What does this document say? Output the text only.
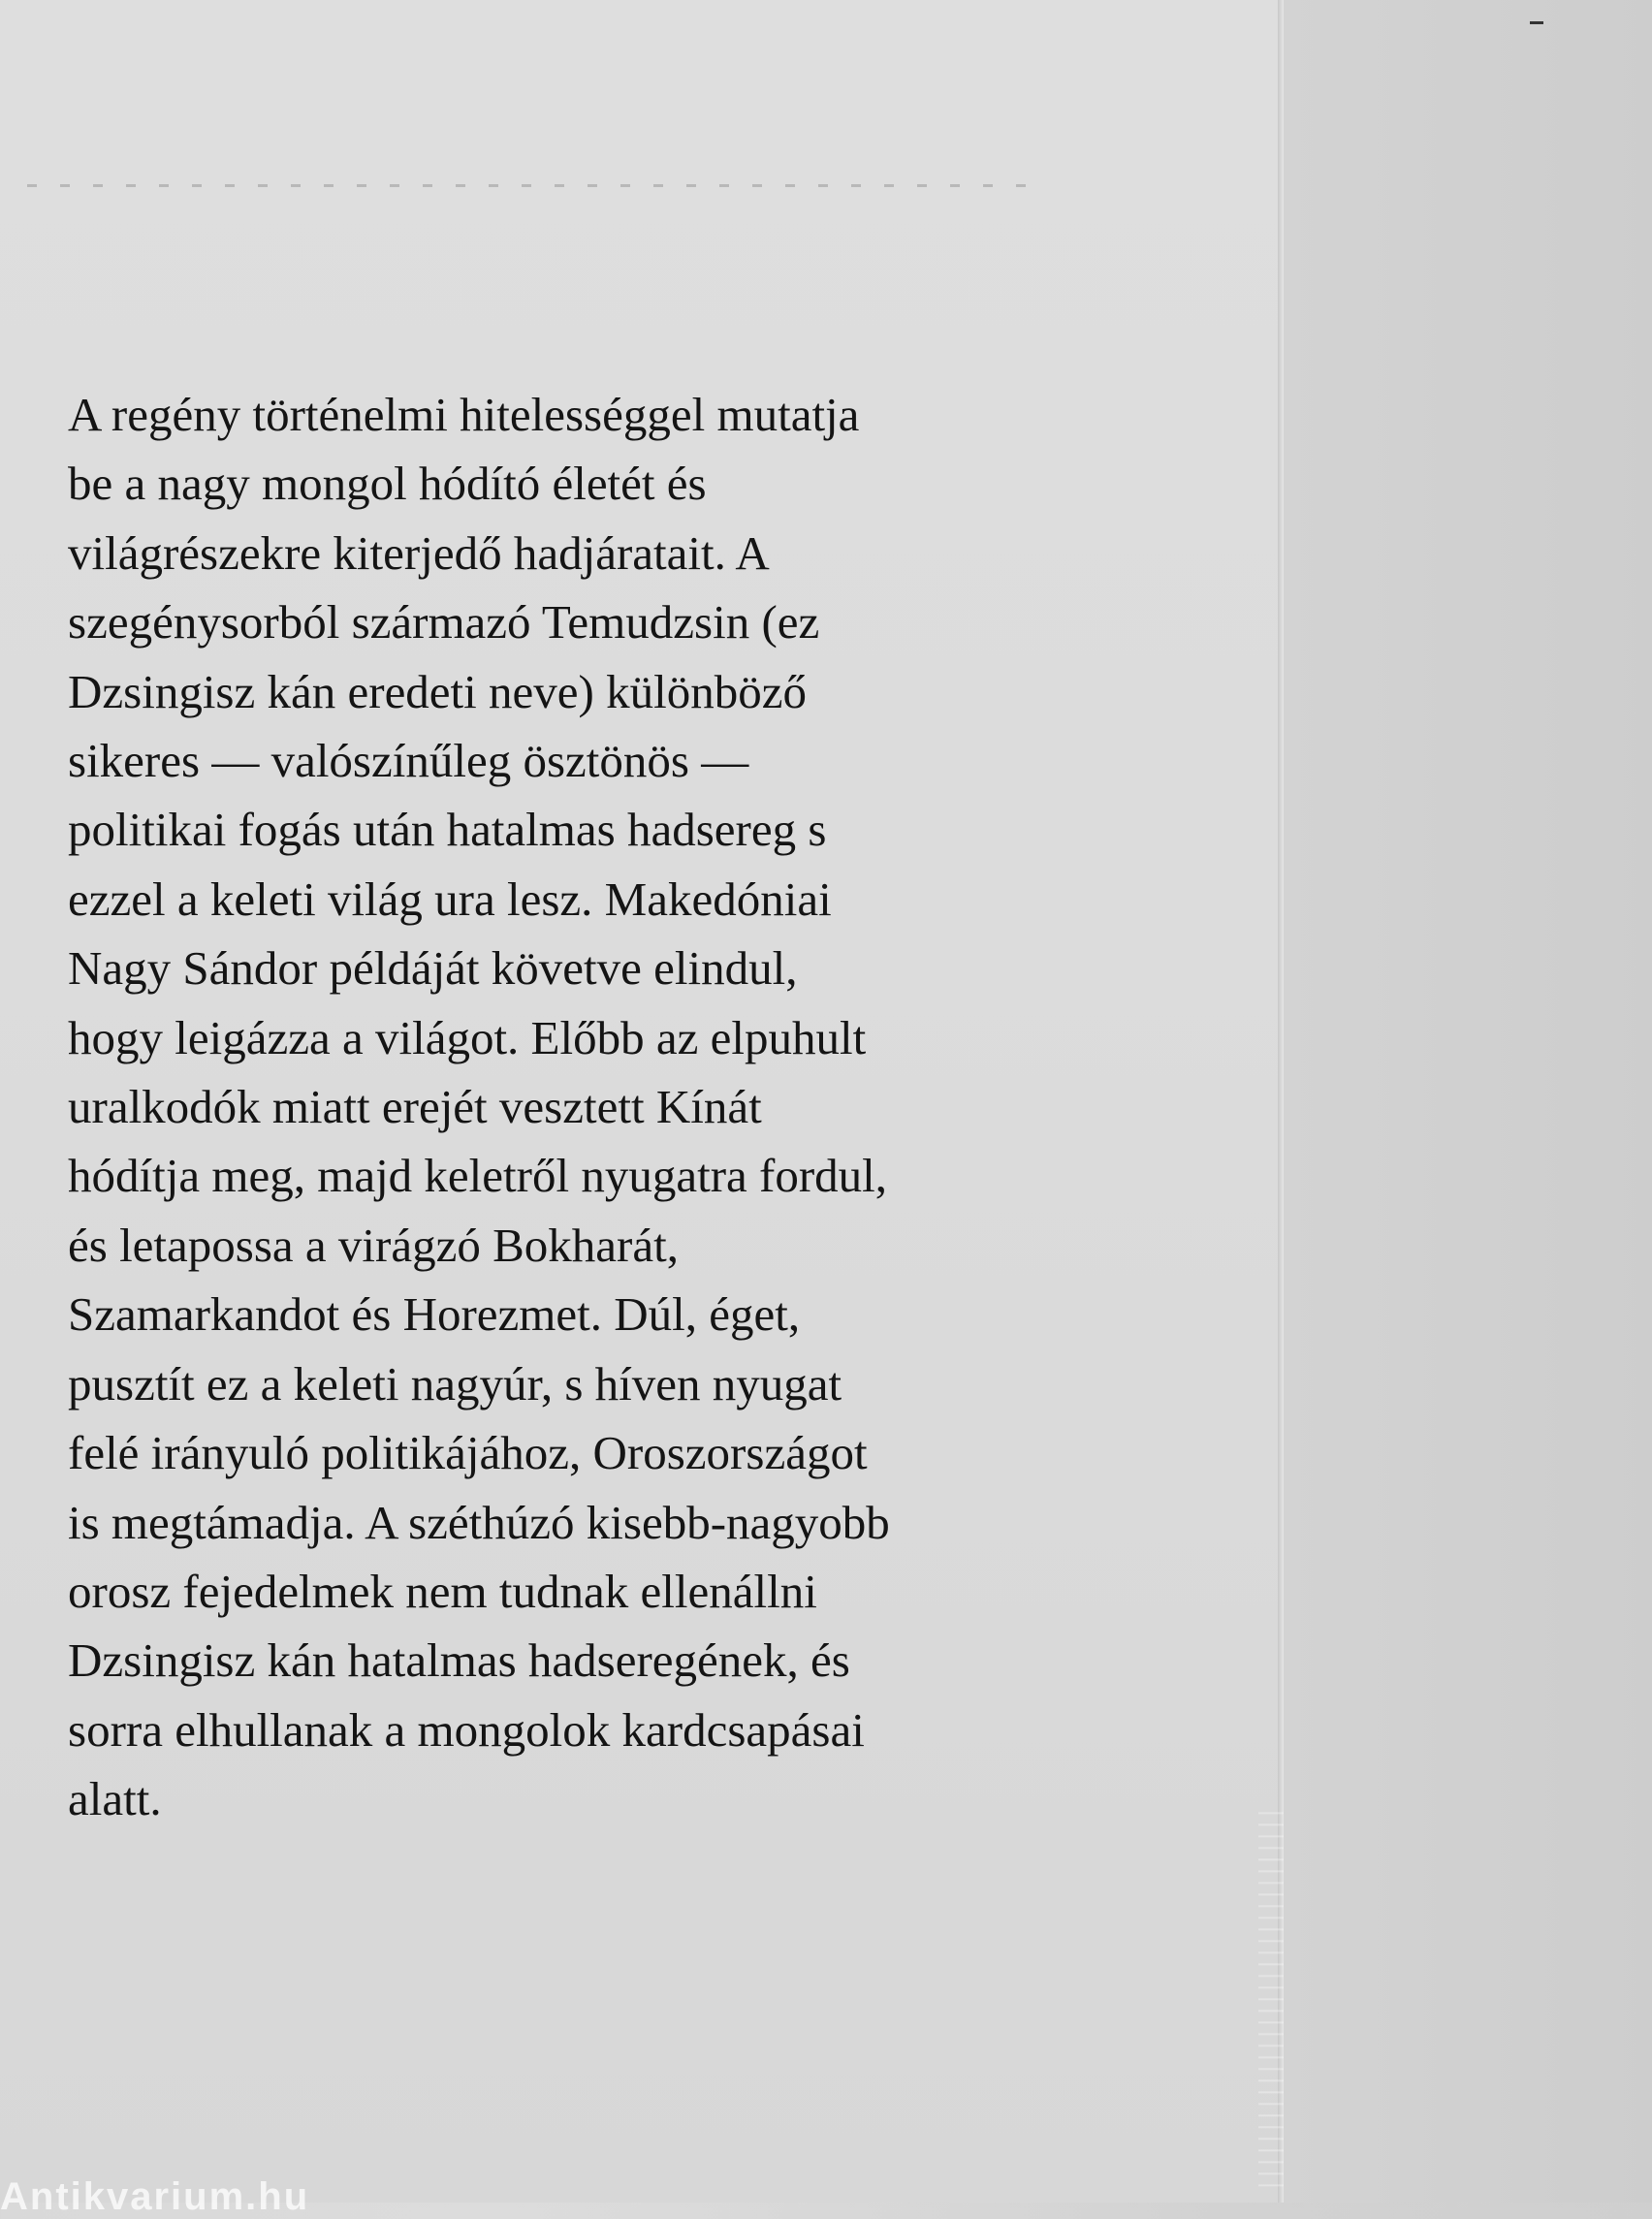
A regény történelmi hitelességgel mutatja
be a nagy mongol hódító életét és
világrészekre kiterjedő hadjáratait. A
szegénysorból származó Temudzsin (ez
Dzsingisz kán eredeti neve) különböző
sikeres — valószínűleg ösztönös —
politikai fogás után hatalmas hadsereg s
ezzel a keleti világ ura lesz. Makedóniai
Nagy Sándor példáját követve elindul,
hogy leigázza a világot. Előbb az elpuhult
uralkodók miatt erejét vesztett Kínát
hódítja meg, majd keletről nyugatra fordul,
és letapossa a virágzó Bokharát,
Szamarkandot és Horezmet. Dúl, éget,
pusztít ez a keleti nagyúr, s híven nyugat
felé irányuló politikájához, Oroszországot
is megtámadja. A széthúzó kisebb-nagyobb
orosz fejedelmek nem tudnak ellenállni
Dzsingisz kán hatalmas hadseregének, és
sorra elhullanak a mongolok kardcsapásai
alatt.

Antikvarium.hu
